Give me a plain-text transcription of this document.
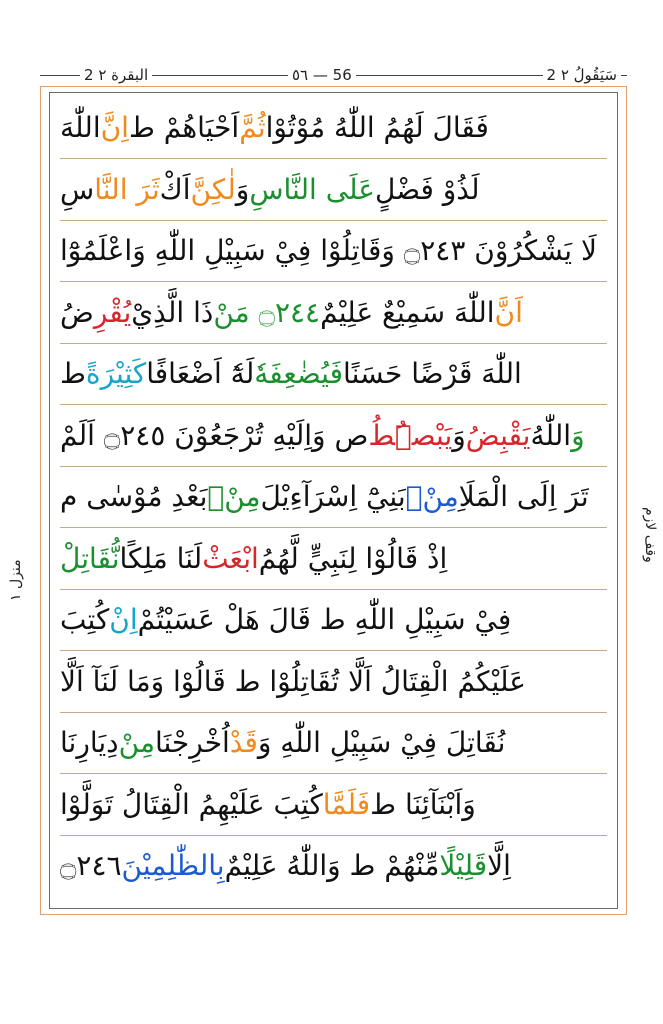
2 البقرة ٢	٥٦ — 56	2 سَيَقُولُ ٢
فَقَالَ لَهُمُ اللّٰهُ مُوْتُوْا
ثُمَّ
اَحْيَاهُمْ ط
اِنَّ
اللّٰهَ
لَذُوْ فَضْلٍ
عَلَى النَّاسِ
وَ
لٰكِنَّ
اَكْ
ثَرَ النَّا
سِ
لَا يَشْكُرُوْنَ ۝٢٤٣ وَقَاتِلُوْا فِيْ سَبِيْلِ اللّٰهِ وَاعْلَمُوْٓا
اَنَّ
اللّٰهَ سَمِيْعٌ عَلِيْمٌ
۝٢٤٤ مَنْ
ذَا الَّذِيْ
يُقْرِ
ضُ
اللّٰهَ قَرْضًا حَسَنًا
فَيُضٰعِفَهٗ
لَهٗٓ اَضْعَافًا
كَثِيْرَةً
ط
وَ
اللّٰهُ
يَقْبِضُ
وَ
يَبْصُۜطُ
ص وَاِلَيْهِ تُرْجَعُوْنَ ۝٢٤٥ اَلَمْ
تَرَ اِلَى الْمَلَاِ
مِنْۢ
بَنِيْٓ اِسْرَآءِيْلَ
مِنْۢ
بَعْدِ مُوْسٰى م
اِذْ قَالُوْا لِنَبِيٍّ لَّهُمُ
ابْعَثْ
لَنَا مَلِكًا
نُّقَاتِلْ
فِيْ سَبِيْلِ اللّٰهِ ط قَالَ هَلْ عَسَيْتُمْ
اِنْ
كُتِبَ
عَلَيْكُمُ الْقِتَالُ اَلَّا تُقَاتِلُوْا ط قَالُوْا وَمَا لَنَآ اَلَّا
نُقَاتِلَ فِيْ سَبِيْلِ اللّٰهِ وَ
قَدْ
اُخْرِجْنَا
مِنْ
دِيَارِنَا
وَاَبْنَآئِنَا ط
فَلَمَّا
كُتِبَ عَلَيْهِمُ الْقِتَالُ تَوَلَّوْا
اِلَّا
قَلِيْلًا
مِّنْهُمْ ط وَاللّٰهُ عَلِيْمٌ
بِالظّٰلِمِيْنَ
۝٢٤٦
منزل ١
وقف لازم
